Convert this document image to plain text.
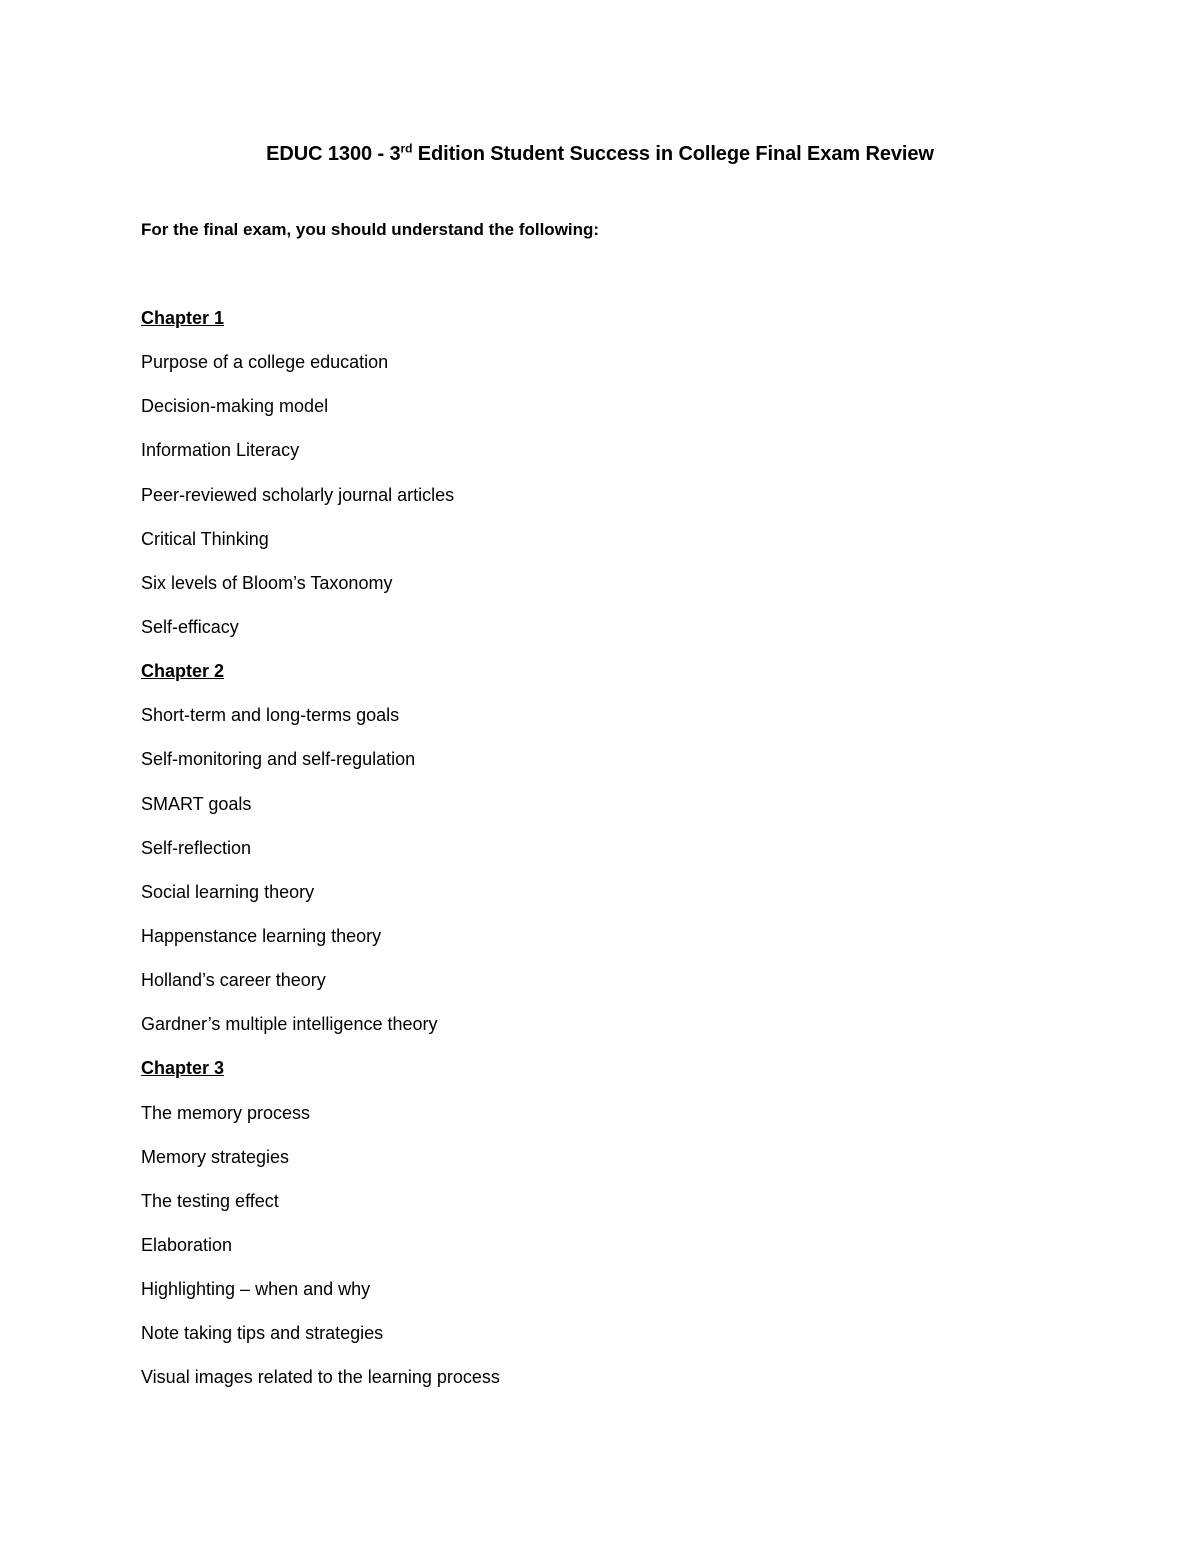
EDUC 1300 - 3rd Edition Student Success in College Final Exam Review

For the final exam, you should understand the following:

Chapter 1
Purpose of a college education
Decision-making model
Information Literacy
Peer-reviewed scholarly journal articles
Critical Thinking
Six levels of Bloom’s Taxonomy
Self-efficacy
Chapter 2
Short-term and long-terms goals
Self-monitoring and self-regulation
SMART goals
Self-reflection
Social learning theory
Happenstance learning theory
Holland’s career theory
Gardner’s multiple intelligence theory
Chapter 3
The memory process
Memory strategies
The testing effect
Elaboration
Highlighting – when and why
Note taking tips and strategies
Visual images related to the learning process
